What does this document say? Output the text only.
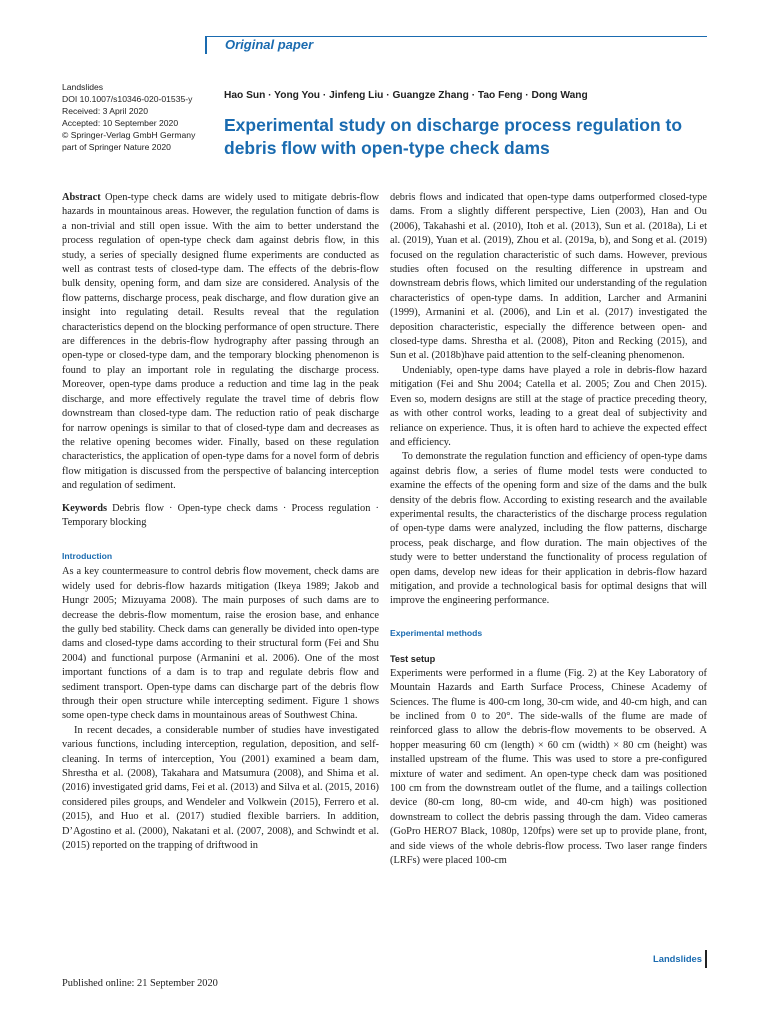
Original paper
Landslides
DOI 10.1007/s10346-020-01535-y
Received: 3 April 2020
Accepted: 10 September 2020
© Springer-Verlag GmbH Germany
part of Springer Nature 2020
Hao Sun · Yong You · Jinfeng Liu · Guangze Zhang · Tao Feng · Dong Wang
Experimental study on discharge process regulation to debris flow with open-type check dams

Abstract Open-type check dams are widely used to mitigate debris-flow hazards in mountainous areas. However, the regulation function of dams is a non-trivial and still open issue. With the aim to better understand the process regulation of open-type check dam against debris flow, in this study, a series of specially designed flume experiments are conducted as well as contrast tests of closed-type dam. The effects of the debris-flow bulk density, opening form, and dam size are considered. Analysis of the flow patterns, discharge process, peak discharge, and flow duration give an insight into regulating detail. Results reveal that the regulation characteristics depend on the blocking performance of open structure. There are differences in the debris-flow hydrography after passing through an open-type or closed-type dam, and the temporary blocking phenomenon is found to play an important role in regulating the discharge process. Moreover, open-type dams produce a reduction and time lag in the peak discharge, and more effectively regulate the travel time of debris flow downstream than closed-type dam. The reduction ratio of peak discharge for narrow openings is similar to that of closed-type dam and decreases as the relative opening becomes wider. Finally, based on these regulation characteristics, the application of open-type dams for a novel form of debris flow mitigation is discussed from the perspective of balancing interception and regulation of sediment.

Keywords Debris flow · Open-type check dams · Process regulation · Temporary blocking

Introduction

As a key countermeasure to control debris flow movement, check dams are widely used for debris-flow hazards mitigation (Ikeya 1989; Jakob and Hungr 2005; Mizuyama 2008). The main purposes of such dams are to decrease the debris-flow momentum, raise the erosion base, and enhance the gully bed stability. Check dams can generally be divided into open-type dams and closed-type dams according to their structural form (Fei and Shu 2004) and functional purpose (Armanini et al. 2006). One of the most important functions of a dam is to trap and regulate debris flow and sediment transport. Open-type dams can discharge part of the debris flow through their open structure while intercepting sediment. Figure 1 shows some open-type check dams in mountainous areas of Southwest China.

In recent decades, a considerable number of studies have investigated various functions, including interception, regulation, deposition, and self-cleaning. In terms of interception, You (2001) examined a beam dam, Shrestha et al. (2008), Takahara and Matsumura (2008), and Shima et al. (2016) investigated grid dams, Fei et al. (2013) and Silva et al. (2015, 2016) considered piles groups, and Wendeler and Volkwein (2015), Ferrero et al. (2015), and Huo et al. (2017) studied flexible barriers. In addition, D’Agostino et al. (2000), Nakatani et al. (2007, 2008), and Schwindt et al. (2015) reported on the trapping of driftwood in

debris flows and indicated that open-type dams outperformed closed-type dams. From a slightly different perspective, Lien (2003), Han and Ou (2006), Takahashi et al. (2010), Itoh et al. (2013), Sun et al. (2018a), Li et al. (2019), Yuan et al. (2019), Zhou et al. (2019a, b), and Song et al. (2019) focused on the regulation characteristic of such dams. However, previous studies often focused on the resulting difference in upstream and downstream debris flows, which limited our understanding of the regulation characteristics of open-type dams. In addition, Larcher and Armanini (1999), Armanini et al. (2006), and Lin et al. (2017) investigated the deposition characteristic, especially the difference between open- and closed-type dams. Shrestha et al. (2008), Piton and Recking (2015), and Sun et al. (2018b)have paid attention to the self-cleaning phenomenon.

Undeniably, open-type dams have played a role in debris-flow hazard mitigation (Fei and Shu 2004; Catella et al. 2005; Zou and Chen 2015). Even so, modern designs are still at the stage of practice preceding theory, as with other control works, leading to a great deal of subjectivity and reliance on experience. Thus, it is often hard to achieve the expected effect and efficiency.

To demonstrate the regulation function and efficiency of open-type dams against debris flow, a series of flume model tests were conducted to examine the effects of the opening form and size of the dams and the bulk density of the debris flow. According to existing research and the available experimental results, the characteristics of the discharge process regulation of open-type dams were analyzed, including the flow patterns, discharge process, peak discharge, and flow duration. The main objectives of the study were to better understand the functionality of process regulation of open dams, develop new ideas for their application in debris-flow hazard mitigation, and provide a technological basis for optimal designs that will improve the engineering performance.

Experimental methods

Test setup

Experiments were performed in a flume (Fig. 2) at the Key Laboratory of Mountain Hazards and Earth Surface Process, Chinese Academy of Sciences. The flume is 400-cm long, 30-cm wide, and 40-cm high, and can be inclined from 0 to 20°. The side-walls of the flume are made of reinforced glass to allow the debris-flow movements to be observed. A hopper measuring 60 cm (length) × 60 cm (width) × 80 cm (height) was installed upstream of the flume. This was used to store a pre-configured mixture of water and sediment. An open-type check dam was positioned 100 cm from the downstream outlet of the flume, and a tailings collection device (80-cm long, 80-cm wide, and 40-cm high) was positioned downstream to collect the debris passing through the dam. Video cameras (GoPro HERO7 Black, 1080p, 120fps) were set up to provide plane, front, and side views of the whole debris-flow process. Two laser range finders (LRFs) were placed 100-cm

Published online: 21 September 2020
Landslides
